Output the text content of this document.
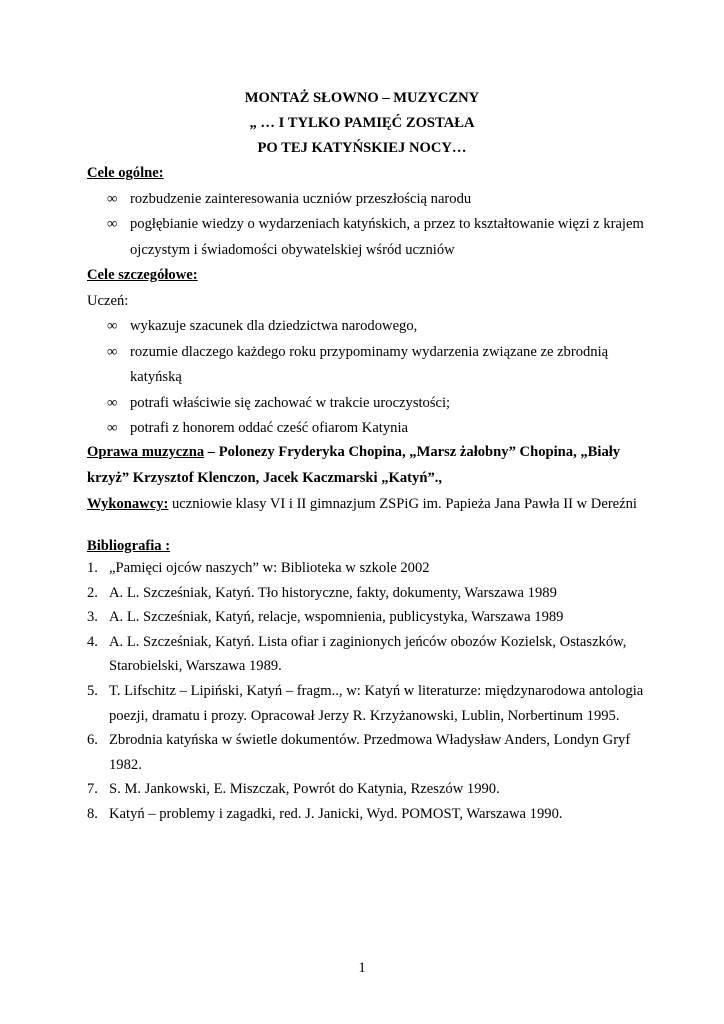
MONTAŻ SŁOWNO – MUZYCZNY
„ … I TYLKO PAMIĘĆ ZOSTAŁA
PO TEJ KATYŃSKIEJ NOCY…
Cele ogólne:
∞ rozbudzenie zainteresowania uczniów przeszłością narodu
∞ pogłębianie wiedzy o wydarzeniach katyńskich, a przez to kształtowanie więzi z krajem ojczystym i świadomości obywatelskiej wśród uczniów
Cele szczegółowe:
Uczeń:
∞ wykazuje szacunek dla dziedzictwa narodowego,
∞ rozumie dlaczego każdego roku przypominamy wydarzenia związane ze zbrodnią katyńską
∞ potrafi właściwie się zachować w trakcie uroczystości;
∞ potrafi z honorem oddać cześć ofiarom Katynia
Oprawa muzyczna – Polonezy Fryderyka Chopina, „Marsz żałobny” Chopina, „Biały krzyż” Krzysztof Klenczon, Jacek Kaczmarski „Katyń”.,
Wykonawcy: uczniowie klasy VI i II gimnazjum ZSPiG im. Papieża Jana Pawła II w Dereźni
Bibliografia :
1. „Pamięci ojców naszych” w: Biblioteka w szkole 2002
2. A. L. Szcześniak, Katyń. Tło historyczne, fakty, dokumenty, Warszawa 1989
3. A. L. Szcześniak, Katyń, relacje, wspomnienia, publicystyka, Warszawa 1989
4. A. L. Szcześniak, Katyń. Lista ofiar i zaginionych jeńców obozów Kozielsk, Ostaszków, Starobielski, Warszawa 1989.
5. T. Lifschitz – Lipiński, Katyń – fragm.., w: Katyń w literaturze: międzynarodowa antologia poezji, dramatu i prozy. Opracował Jerzy R. Krzyżanowski, Lublin, Norbertinum 1995.
6. Zbrodnia katyńska w świetle dokumentów. Przedmowa Władysław Anders, Londyn Gryf 1982.
7. S. M. Jankowski, E. Miszczak, Powrót do Katynia, Rzeszów 1990.
8. Katyń – problemy i zagadki, red. J. Janicki, Wyd. POMOST, Warszawa 1990.
1
